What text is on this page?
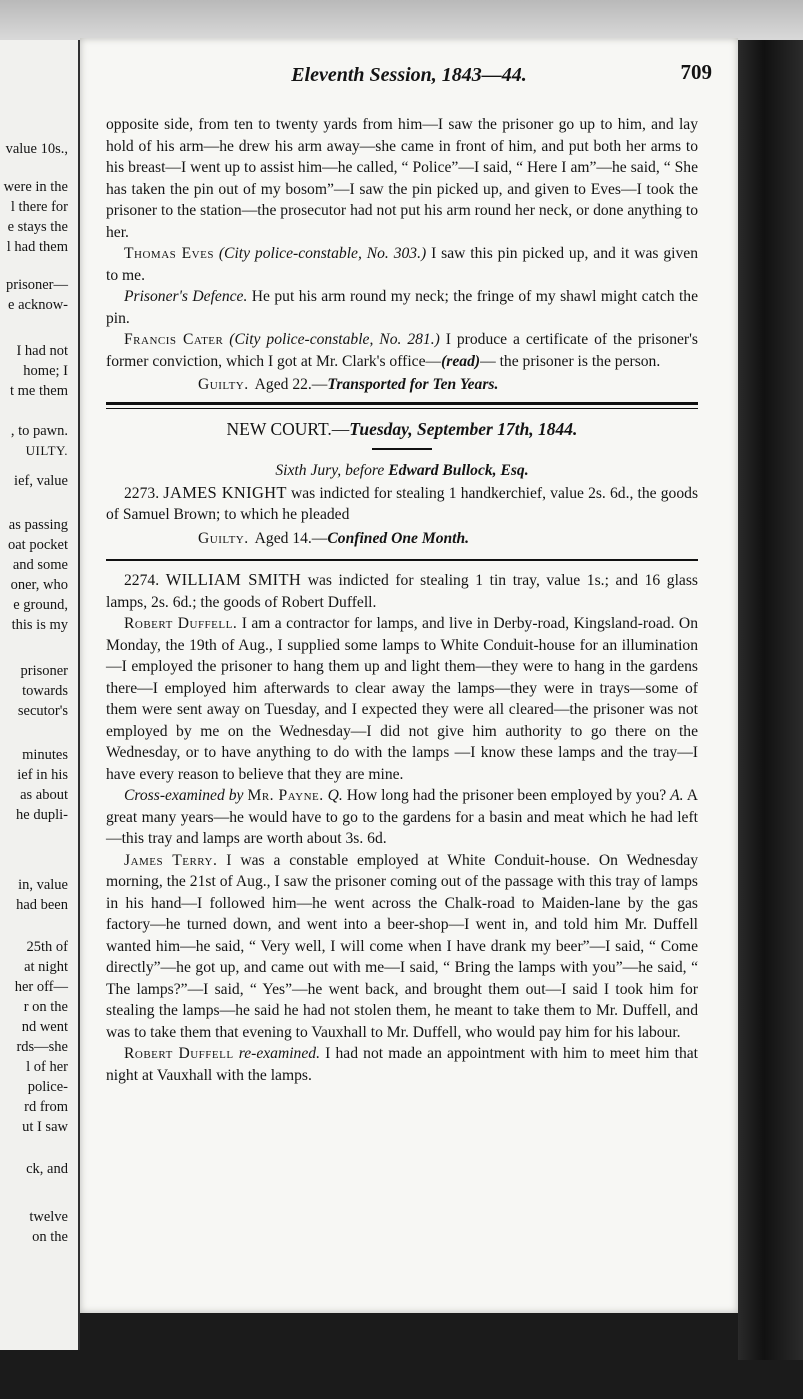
value 10s.,
were in the
l there for
e stays the
l had them
prisoner—
e acknow-
I had not
home; I
t me them
, to pawn.
UILTY.
ief, value
as passing
oat pocket
and some
oner, who
e ground,
this is my
prisoner
towards
secutor's
minutes
ief in his
as about
he dupli-
in, value
had been
25th of
at night
her off—
r on the
nd went
rds—she
l of her
police-
rd from
ut I saw
ck, and
twelve
on the
Eleventh Session, 1843—44.	709

opposite side, from ten to twenty yards from him—I saw the prisoner go up to him, and lay hold of his arm—he drew his arm away—she came in front of him, and put both her arms to his breast—I went up to assist him—he called, “ Police”—I said, “ Here I am”—he said, “ She has taken the pin out of my bosom”—I saw the pin picked up, and given to Eves—I took the prisoner to the station—the prosecutor had not put his arm round her neck, or done anything to her.

Thomas Eves (City police-constable, No. 303.) I saw this pin picked up, and it was given to me.

Prisoner's Defence. He put his arm round my neck; the fringe of my shawl might catch the pin.

Francis Cater (City police-constable, No. 281.) I produce a certificate of the prisoner's former conviction, which I got at Mr. Clark's office—(read)— the prisoner is the person.

Guilty. Aged 22.—Transported for Ten Years.

NEW COURT.—Tuesday, September 17th, 1844.

Sixth Jury, before Edward Bullock, Esq.

2273. JAMES KNIGHT was indicted for stealing 1 handkerchief, value 2s. 6d., the goods of Samuel Brown; to which he pleaded

Guilty. Aged 14.—Confined One Month.

2274. WILLIAM SMITH was indicted for stealing 1 tin tray, value 1s.; and 16 glass lamps, 2s. 6d.; the goods of Robert Duffell.

Robert Duffell. I am a contractor for lamps, and live in Derby-road, Kingsland-road. On Monday, the 19th of Aug., I supplied some lamps to White Conduit-house for an illumination—I employed the prisoner to hang them up and light them—they were to hang in the gardens there—I employed him afterwards to clear away the lamps—they were in trays—some of them were sent away on Tuesday, and I expected they were all cleared—the prisoner was not employed by me on the Wednesday—I did not give him authority to go there on the Wednesday, or to have anything to do with the lamps —I know these lamps and the tray—I have every reason to believe that they are mine.

Cross-examined by Mr. Payne. Q. How long had the prisoner been employed by you? A. A great many years—he would have to go to the gardens for a basin and meat which he had left—this tray and lamps are worth about 3s. 6d.

James Terry. I was a constable employed at White Conduit-house. On Wednesday morning, the 21st of Aug., I saw the prisoner coming out of the passage with this tray of lamps in his hand—I followed him—he went across the Chalk-road to Maiden-lane by the gas factory—he turned down, and went into a beer-shop—I went in, and told him Mr. Duffell wanted him—he said, “ Very well, I will come when I have drank my beer”—I said, “ Come directly”—he got up, and came out with me—I said, “ Bring the lamps with you”—he said, “ The lamps?”—I said, “ Yes”—he went back, and brought them out—I said I took him for stealing the lamps—he said he had not stolen them, he meant to take them to Mr. Duffell, and was to take them that evening to Vauxhall to Mr. Duffell, who would pay him for his labour.

Robert Duffell re-examined. I had not made an appointment with him to meet him that night at Vauxhall with the lamps.
